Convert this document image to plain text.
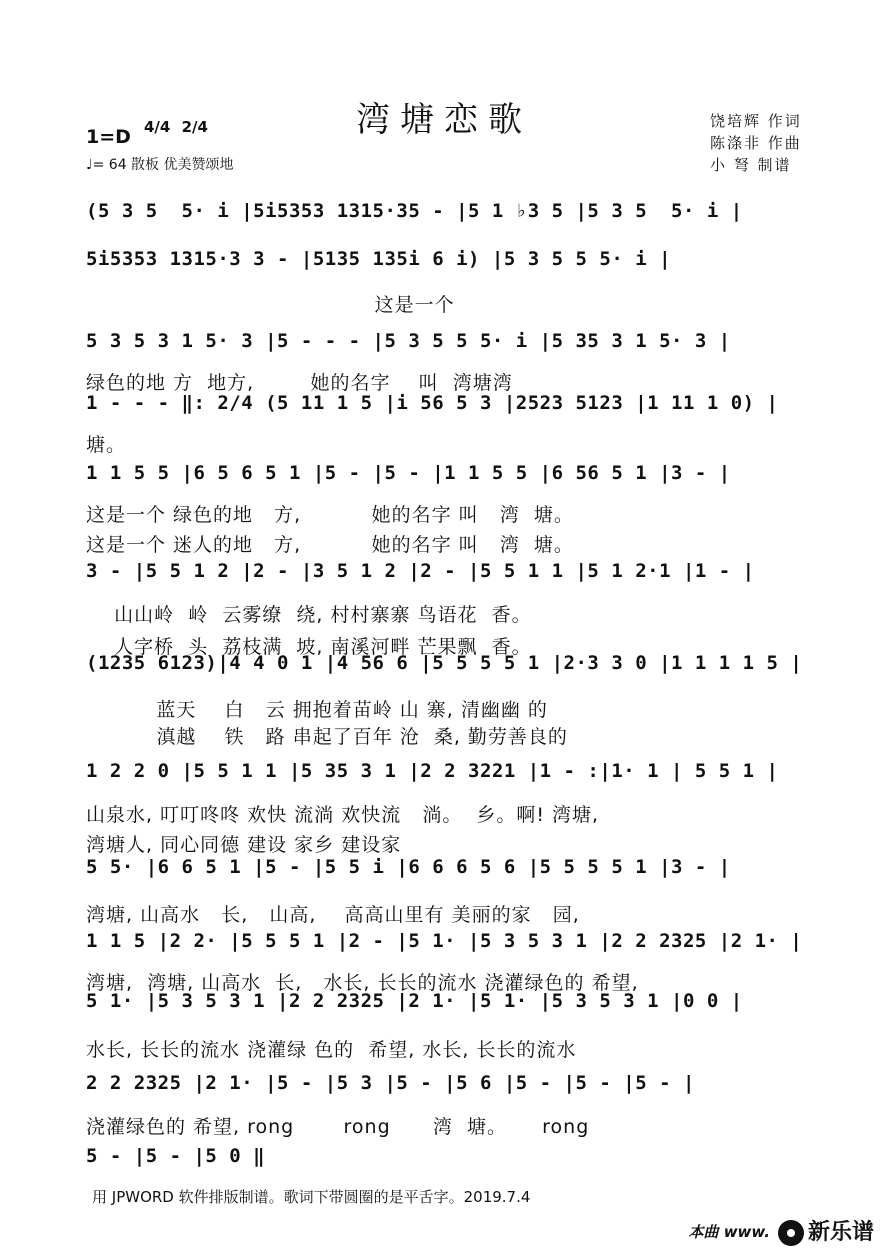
湾塘恋歌	饶培辉 作词
陈涤非 作曲
小 弩 制谱
1=D 4/4 2/4
♩= 64 散板 优美赞颂地
(5 3 5  5· i |5i5353 1315·35 - |5 1 ♭3 5 |5 3 5  5· i |
5i5353 1315·3 3 - |5135 135i 6 i) |5 3 5 5 5· i |
这是一个
5 3 5 3 1 5· 3 |5 - - - |5 3 5 5 5· i |5 35 3 1 5· 3 |
绿色的地 方  地方,        她的名字    叫  湾塘湾
1 - - - ‖: 2/4 (5 11 1 5 |i 56 5 3 |2523 5123 |1 11 1 0) |
塘。
1 1 5 5 |6 5 6 5 1 |5 - |5 - |1 1 5 5 |6 56 5 1 |3 - |
这是一个 绿色的地   方,          她的名字 叫   湾  塘。
3 - |5 5 1 2 |2 - |3 5 1 2 |2 - |5 5 1 1 |5 1 2·1 |1 - |
这是一个 迷人的地   方,          她的名字 叫   湾  塘。
山山岭  岭  云雾缭  绕, 村村寨寨 鸟语花  香。
(1235 6123)|4 4 0 1 |4 56 6 |5 5 5 5 1 |2·3 3 0 |1 1 1 1 5 |
人字桥  头  荔枝满  坡, 南溪河畔 芒果飘  香。
蓝天    白   云 拥抱着苗岭 山 寨, 清幽幽 的
1 2 2 0 |5 5 1 1 |5 35 3 1 |2 2 3221 |1 - :|1· 1 | 5 5 1 |
滇越    铁   路 串起了百年 沧  桑, 勤劳善良的
山泉水, 叮叮咚咚 欢快 流淌 欢快流   淌。  乡。啊! 湾塘,
5 5· |6 6 5 1 |5 - |5 5 i |6 6 6 5 6 |5 5 5 5 1 |3 - |
湾塘人, 同心同德 建设 家乡 建设家
湾塘, 山高水   长,   山高,    高高山里有 美丽的家   园,
1 1 5 |2 2· |5 5 5 1 |2 - |5 1· |5 3 5 3 1 |2 2 2325 |2 1· |
湾塘,  湾塘, 山高水  长,   水长, 长长的流水 浇灌绿色的 希望,
5 1· |5 3 5 3 1 |2 2 2325 |2 1· |5 1· |5 3 5 3 1 |0 0 |
水长, 长长的流水 浇灌绿 色的  希望, 水长, 长长的流水
2 2 2325 |2 1· |5 - |5 3 |5 - |5 6 |5 - |5 - |5 - |
浇灌绿色的 希望, rong       rong      湾  塘。     rong
5 - |5 - |5 0 ‖
用 JPWORD 软件排版制谱。歌词下带圆圈的是平舌字。2019.7.4
本曲 www.	新乐谱
